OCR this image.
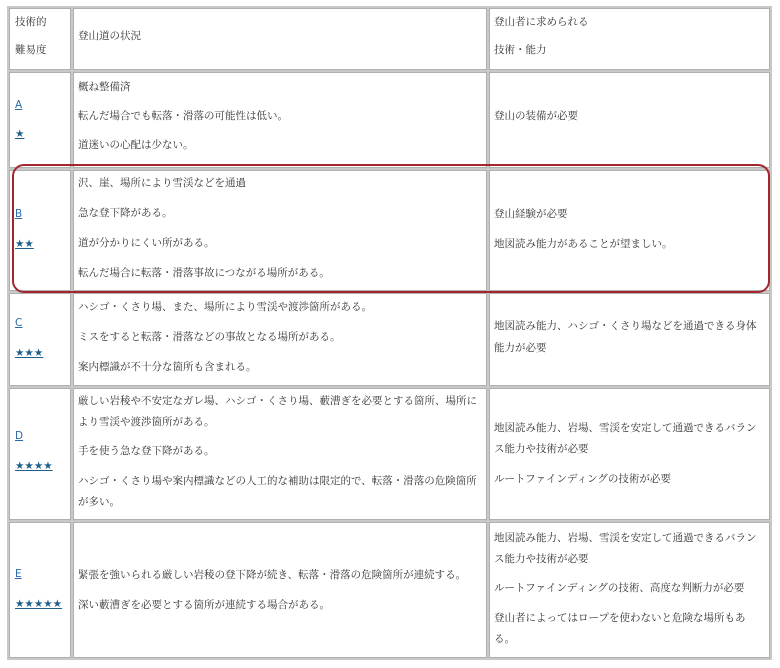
技術的
難易度
登山道の状況
登山者に求められる
技術・能力
A
★
概ね整備済
転んだ場合でも転落・滑落の可能性は低い。
道迷いの心配は少ない。
登山の装備が必要
B
★★
沢、崖、場所により雪渓などを通過
急な登下降がある。
道が分かりにくい所がある。
転んだ場合に転落・滑落事故につながる場所がある。
登山経験が必要
地図読み能力があることが望ましい。
C
★★★
ハシゴ・くさり場、また、場所により雪渓や渡渉箇所がある。
ミスをすると転落・滑落などの事故となる場所がある。
案内標識が不十分な箇所も含まれる。
地図読み能力、ハシゴ・くさり場などを通過できる身体
能力が必要
D
★★★★
厳しい岩稜や不安定なガレ場、ハシゴ・くさり場、藪漕ぎを必要とする箇所、場所に
より雪渓や渡渉箇所がある。
手を使う急な登下降がある。
ハシゴ・くさり場や案内標識などの人工的な補助は限定的で、転落・滑落の危険箇所
が多い。
地図読み能力、岩場、雪渓を安定して通過できるバラン
ス能力や技術が必要
ルートファインディングの技術が必要
E
★★★★★
緊張を強いられる厳しい岩稜の登下降が続き、転落・滑落の危険箇所が連続する。
深い藪漕ぎを必要とする箇所が連続する場合がある。
地図読み能力、岩場、雪渓を安定して通過できるバラン
ス能力や技術が必要
ルートファインディングの技術、高度な判断力が必要
登山者によってはロープを使わないと危険な場所もあ
る。
